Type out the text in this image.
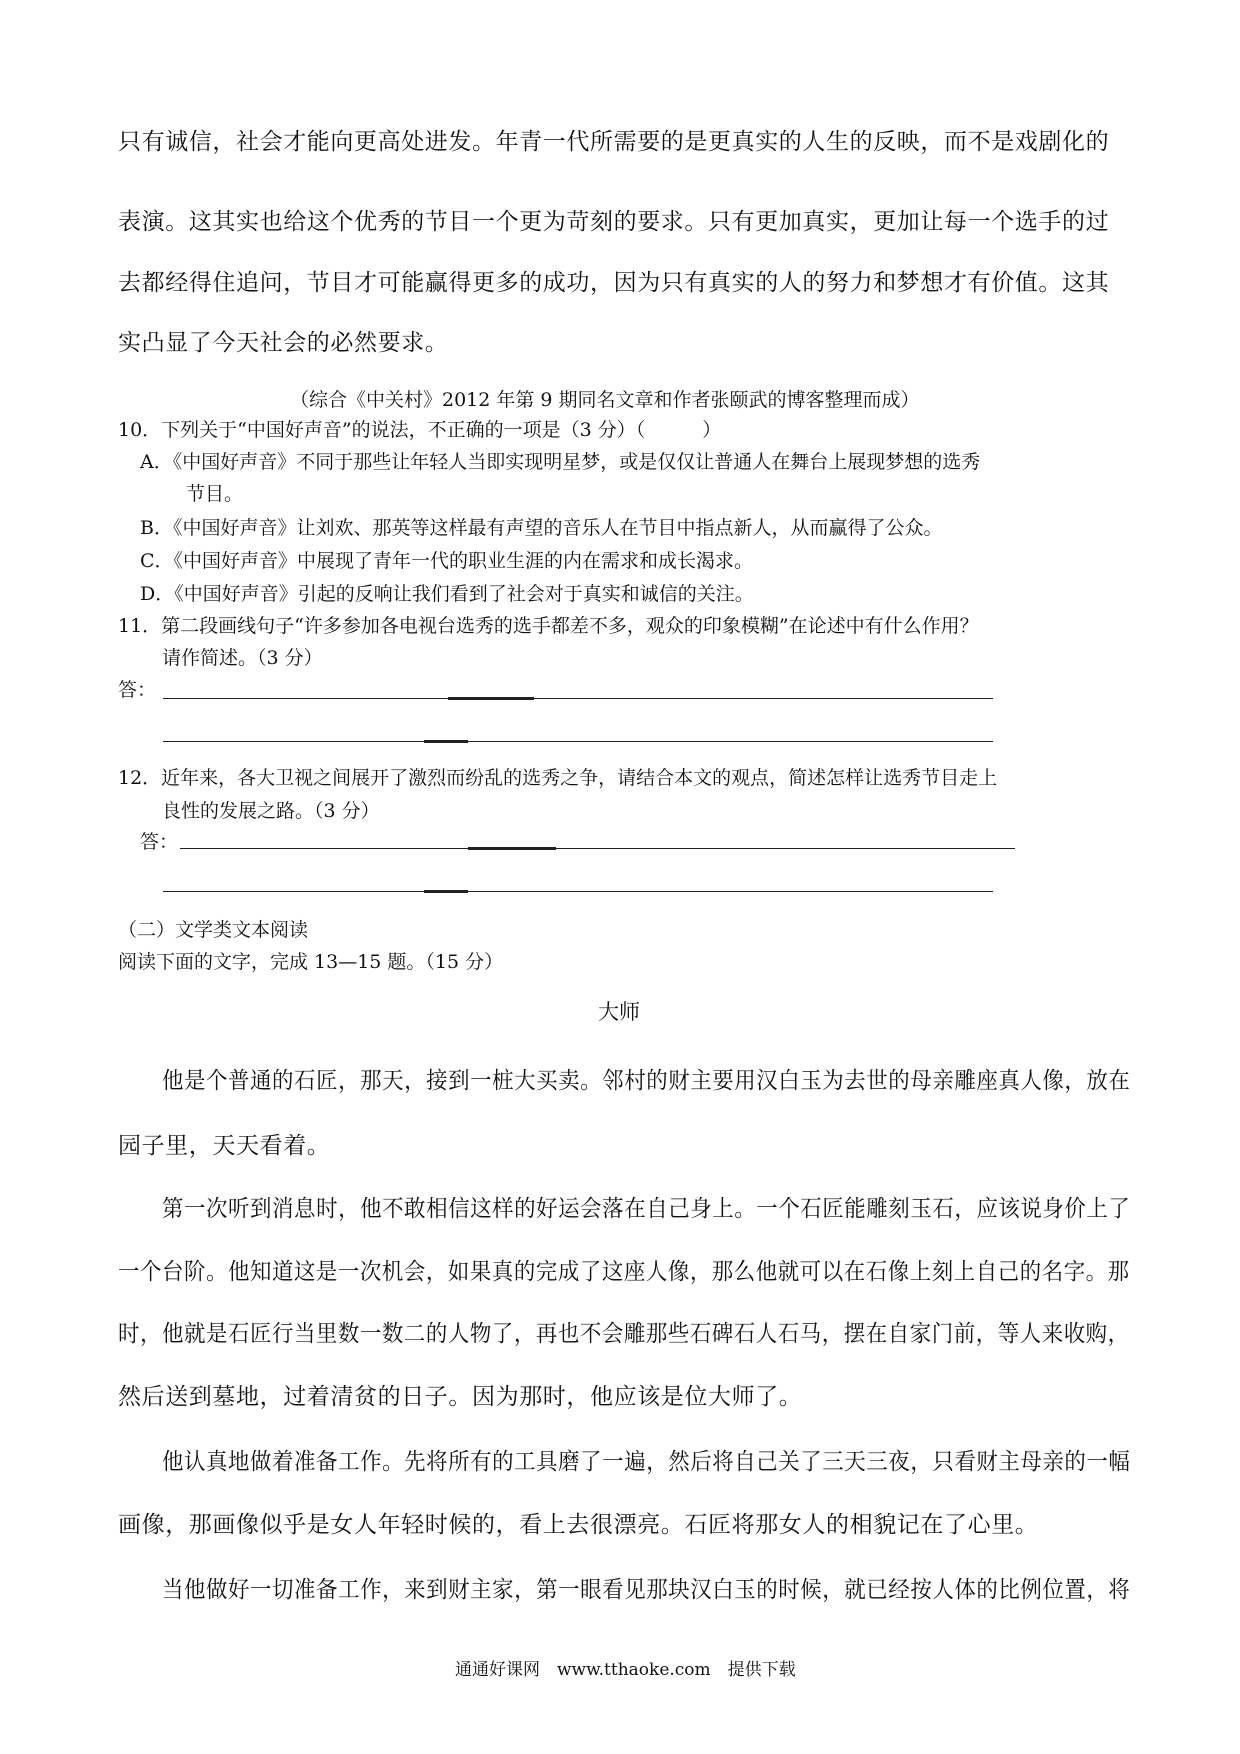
只有诚信，社会才能向更高处进发。年青一代所需要的是更真实的人生的反映，而不是戏剧化的
表演。这其实也给这个优秀的节目一个更为苛刻的要求。只有更加真实，更加让每一个选手的过
去都经得住追问，节目才可能赢得更多的成功，因为只有真实的人的努力和梦想才有价值。这其
实凸显了今天社会的必然要求。
（综合《中关村》2012 年第 9 期同名文章和作者张颐武的博客整理而成）
10．下列关于“中国好声音”的说法，不正确的一项是（3 分）（　　　）
A．《中国好声音》不同于那些让年轻人当即实现明星梦，或是仅仅让普通人在舞台上展现梦想的选秀
节目。
B．《中国好声音》让刘欢、那英等这样最有声望的音乐人在节目中指点新人，从而赢得了公众。
C．《中国好声音》中展现了青年一代的职业生涯的内在需求和成长渴求。
D．《中国好声音》引起的反响让我们看到了社会对于真实和诚信的关注。
11．第二段画线句子“许多参加各电视台选秀的选手都差不多，观众的印象模糊”在论述中有什么作用？
请作简述。（3 分）
答：
12．近年来，各大卫视之间展开了激烈而纷乱的选秀之争，请结合本文的观点，简述怎样让选秀节目走上
良性的发展之路。（3 分）
答：
（二）文学类文本阅读
阅读下面的文字，完成 13—15 题。（15 分）
大师
他是个普通的石匠，那天，接到一桩大买卖。邻村的财主要用汉白玉为去世的母亲雕座真人像，放在
园子里，天天看着。
第一次听到消息时，他不敢相信这样的好运会落在自己身上。一个石匠能雕刻玉石，应该说身价上了
一个台阶。他知道这是一次机会，如果真的完成了这座人像，那么他就可以在石像上刻上自己的名字。那
时，他就是石匠行当里数一数二的人物了，再也不会雕那些石碑石人石马，摆在自家门前，等人来收购，
然后送到墓地，过着清贫的日子。因为那时，他应该是位大师了。
他认真地做着准备工作。先将所有的工具磨了一遍，然后将自己关了三天三夜，只看财主母亲的一幅
画像，那画像似乎是女人年轻时候的，看上去很漂亮。石匠将那女人的相貌记在了心里。
当他做好一切准备工作，来到财主家，第一眼看见那块汉白玉的时候，就已经按人体的比例位置，将
通通好课网　www.tthaoke.com　提供下载
